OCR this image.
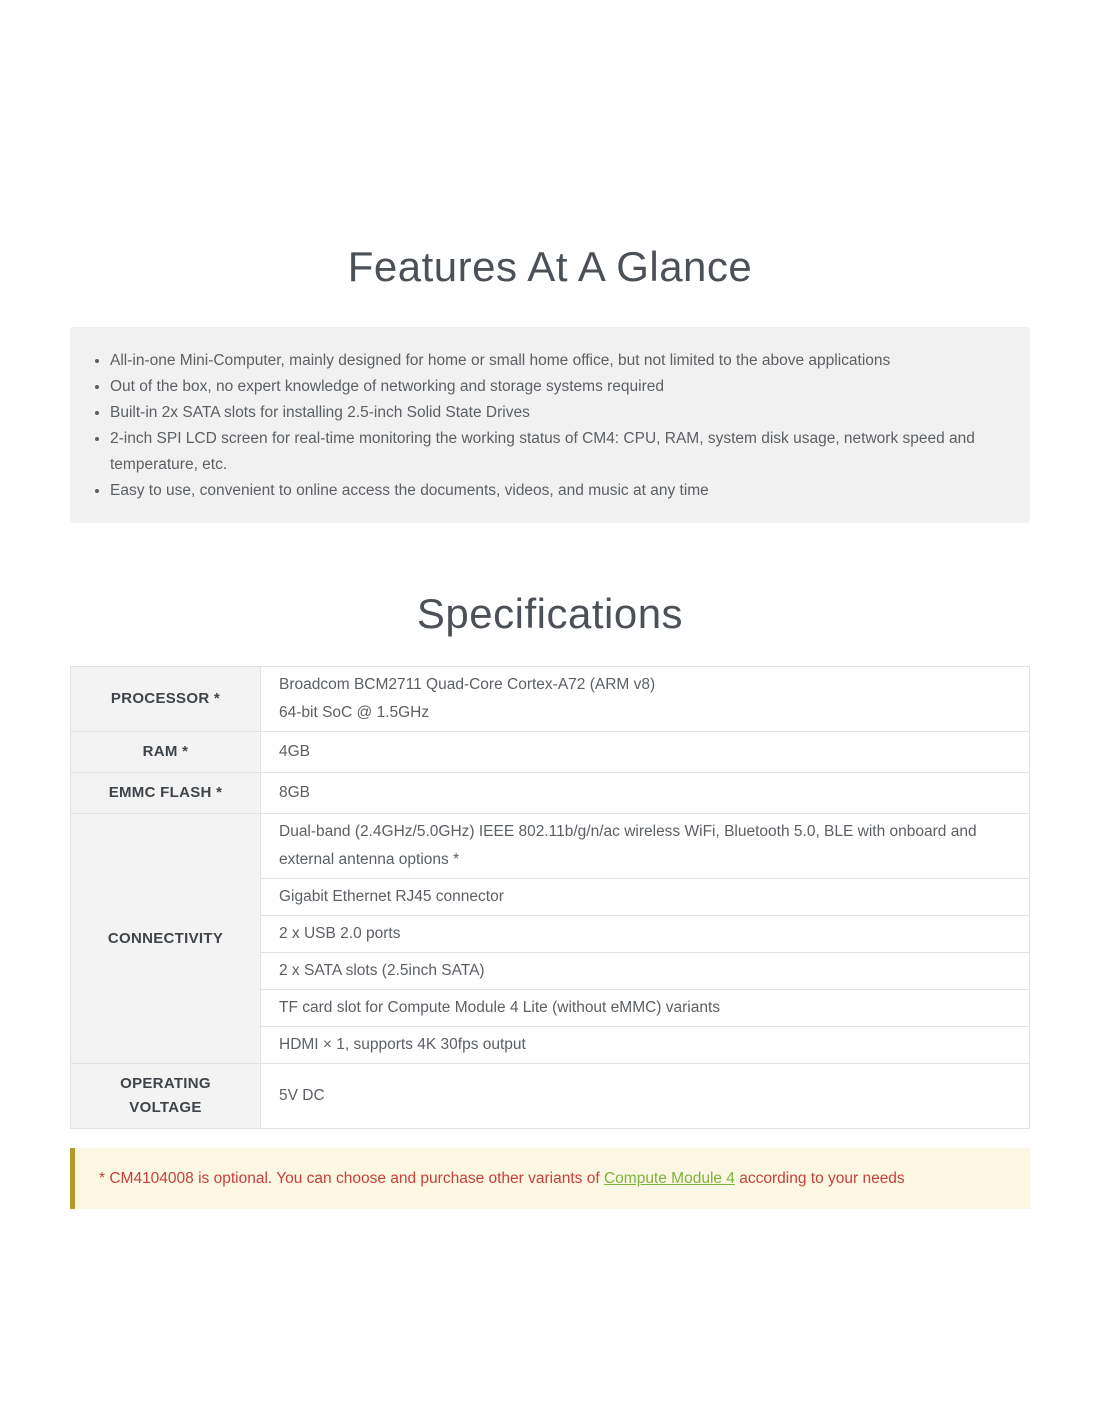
Features At A Glance
• All-in-one Mini-Computer, mainly designed for home or small home office, but not limited to the above applications
• Out of the box, no expert knowledge of networking and storage systems required
• Built-in 2x SATA slots for installing 2.5-inch Solid State Drives
• 2-inch SPI LCD screen for real-time monitoring the working status of CM4: CPU, RAM, system disk usage, network speed and temperature, etc.
• Easy to use, convenient to online access the documents, videos, and music at any time
Specifications
PROCESSOR *	Broadcom BCM2711 Quad-Core Cortex-A72 (ARM v8)
64-bit SoC @ 1.5GHz

RAM *	4GB
EMMC FLASH *	8GB
CONNECTIVITY	Dual-band (2.4GHz/5.0GHz) IEEE 802.11b/g/n/ac wireless WiFi, Bluetooth 5.0, BLE with onboard and external antenna options *
	Gigabit Ethernet RJ45 connector
	2 x USB 2.0 ports
	2 x SATA slots (2.5inch SATA)
	TF card slot for Compute Module 4 Lite (without eMMC) variants
	HDMI × 1, supports 4K 30fps output
OPERATING VOLTAGE	5V DC
* CM4104008 is optional. You can choose and purchase other variants of Compute Module 4 according to your needs
